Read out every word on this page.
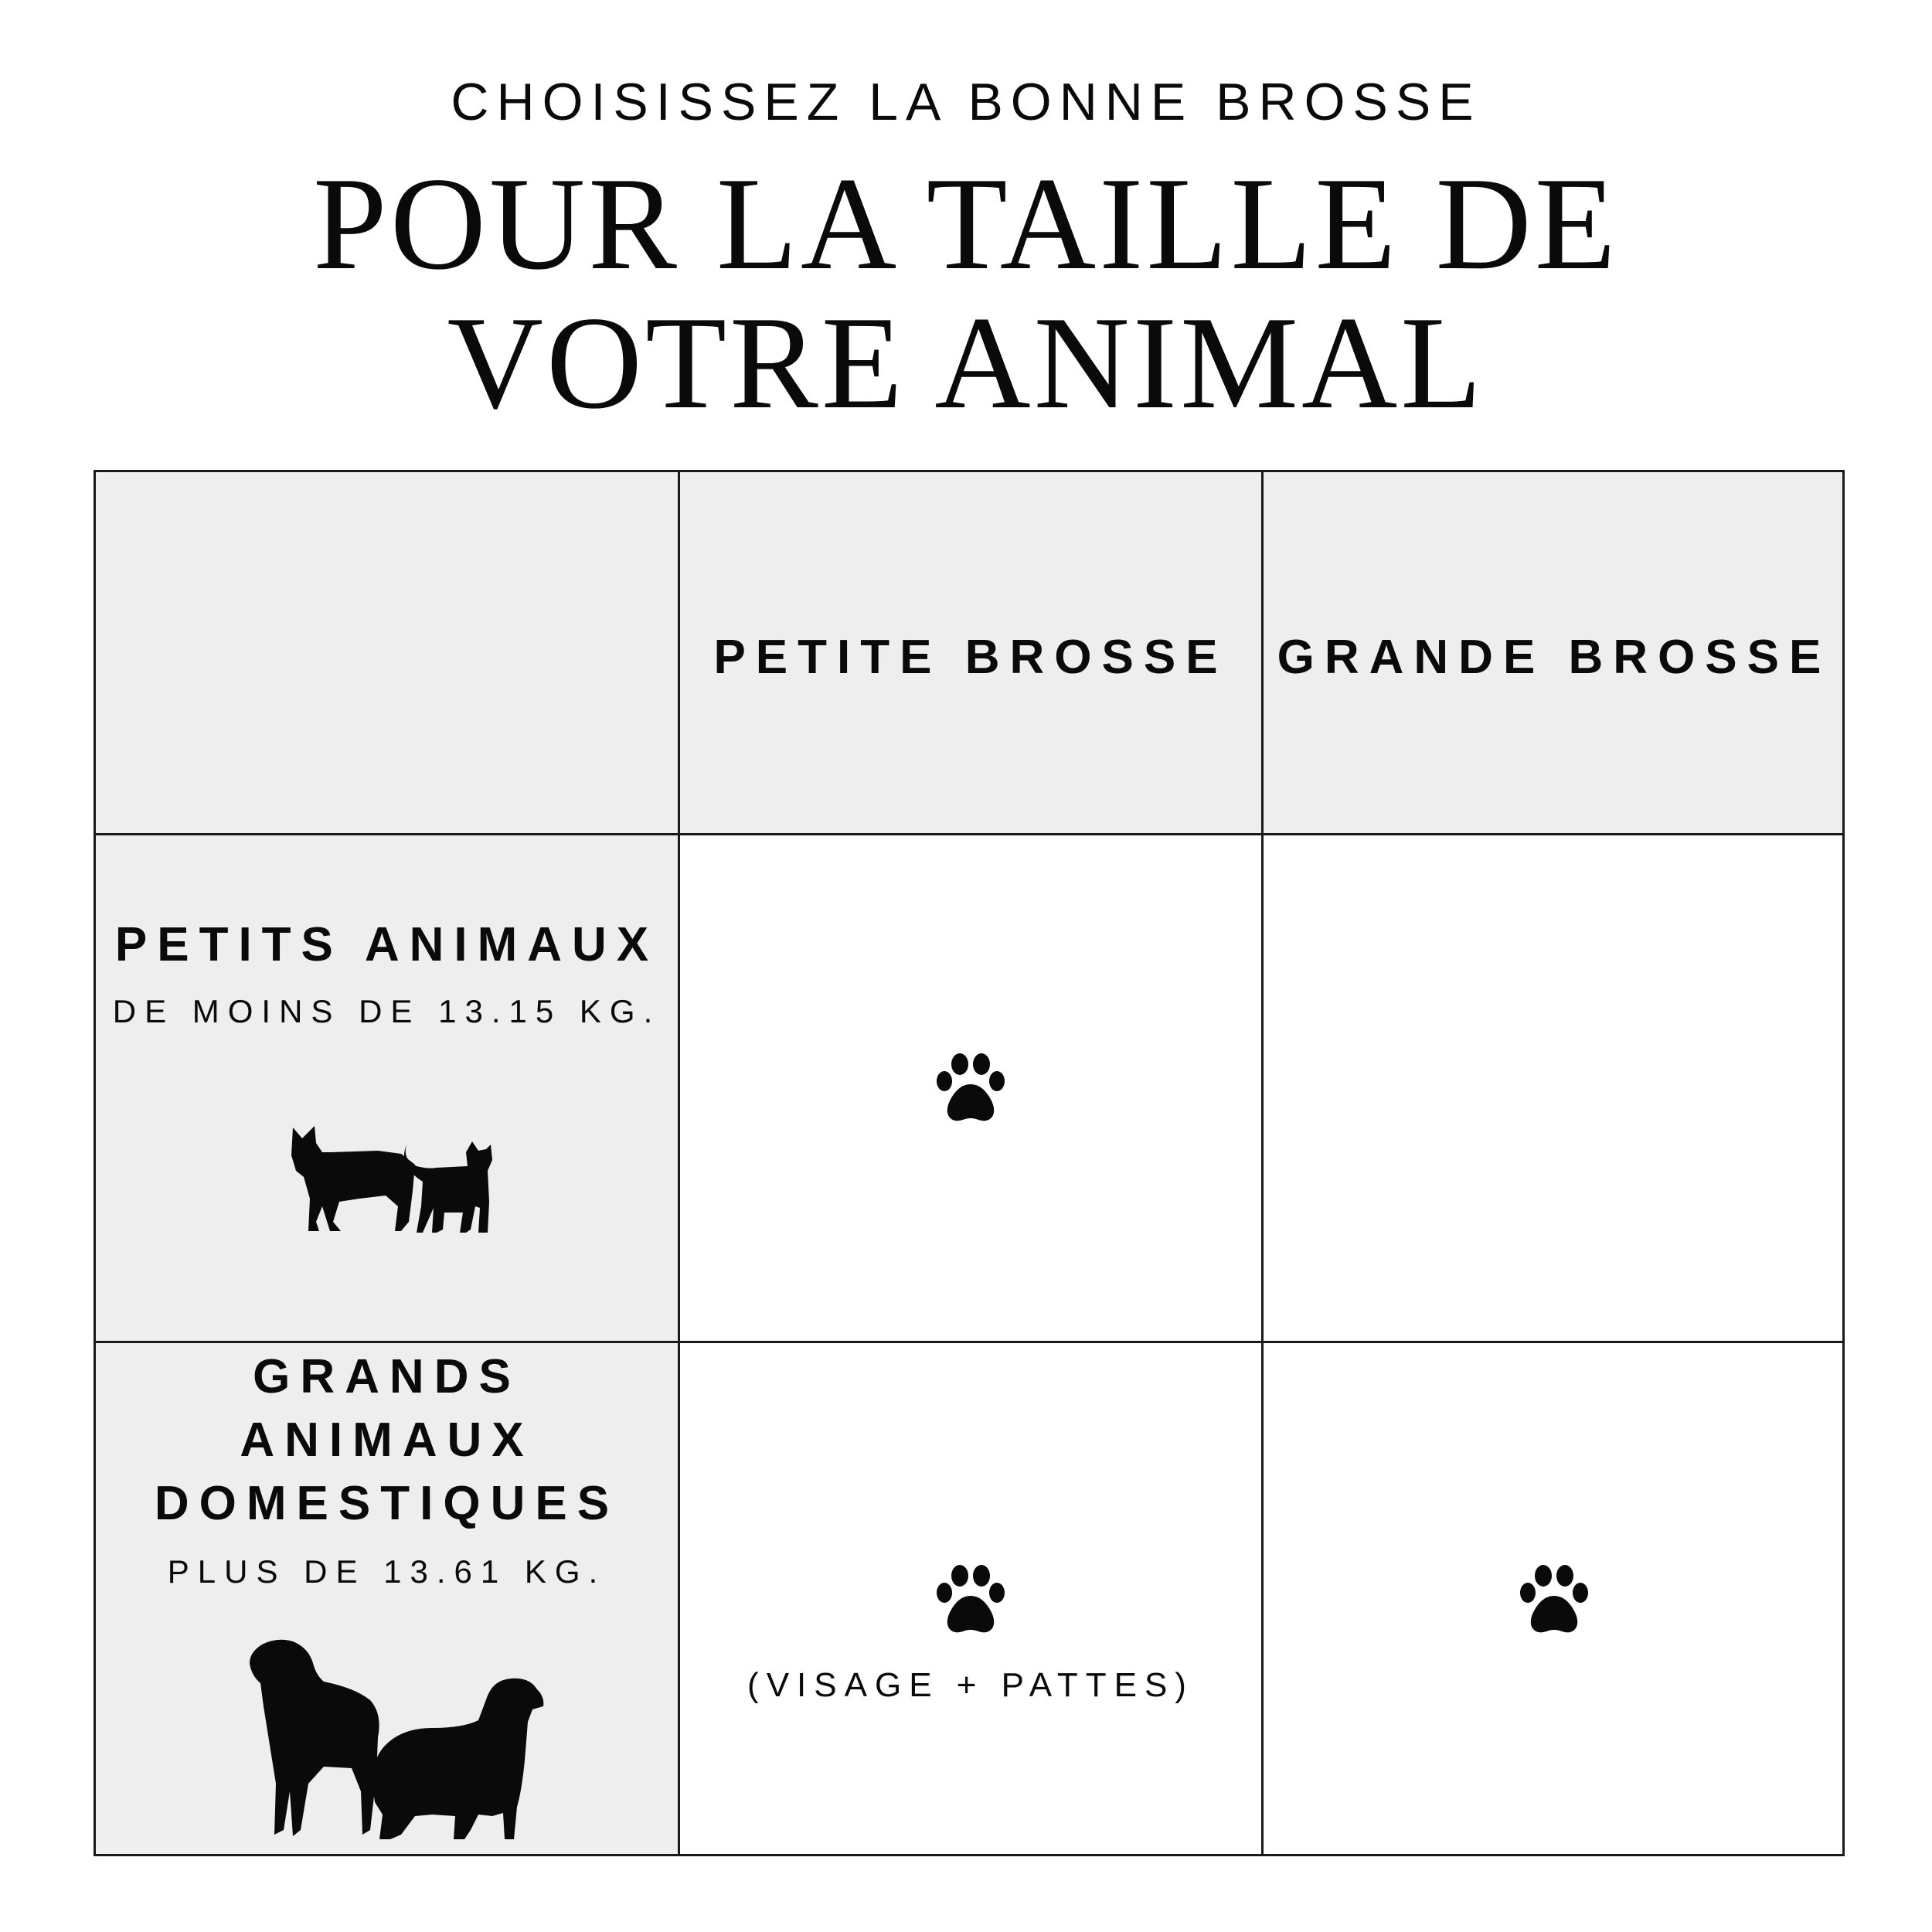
CHOISISSEZ LA BONNE BROSSE
POUR LA TAILLE DE
VOTRE ANIMAL
PETITE BROSSE	GRANDE BROSSE
PETITS ANIMAUX
DE MOINS DE 13.15 KG.
GRANDS
ANIMAUX
DOMESTIQUES
PLUS DE 13.61 KG.
(VISAGE + PATTES)
